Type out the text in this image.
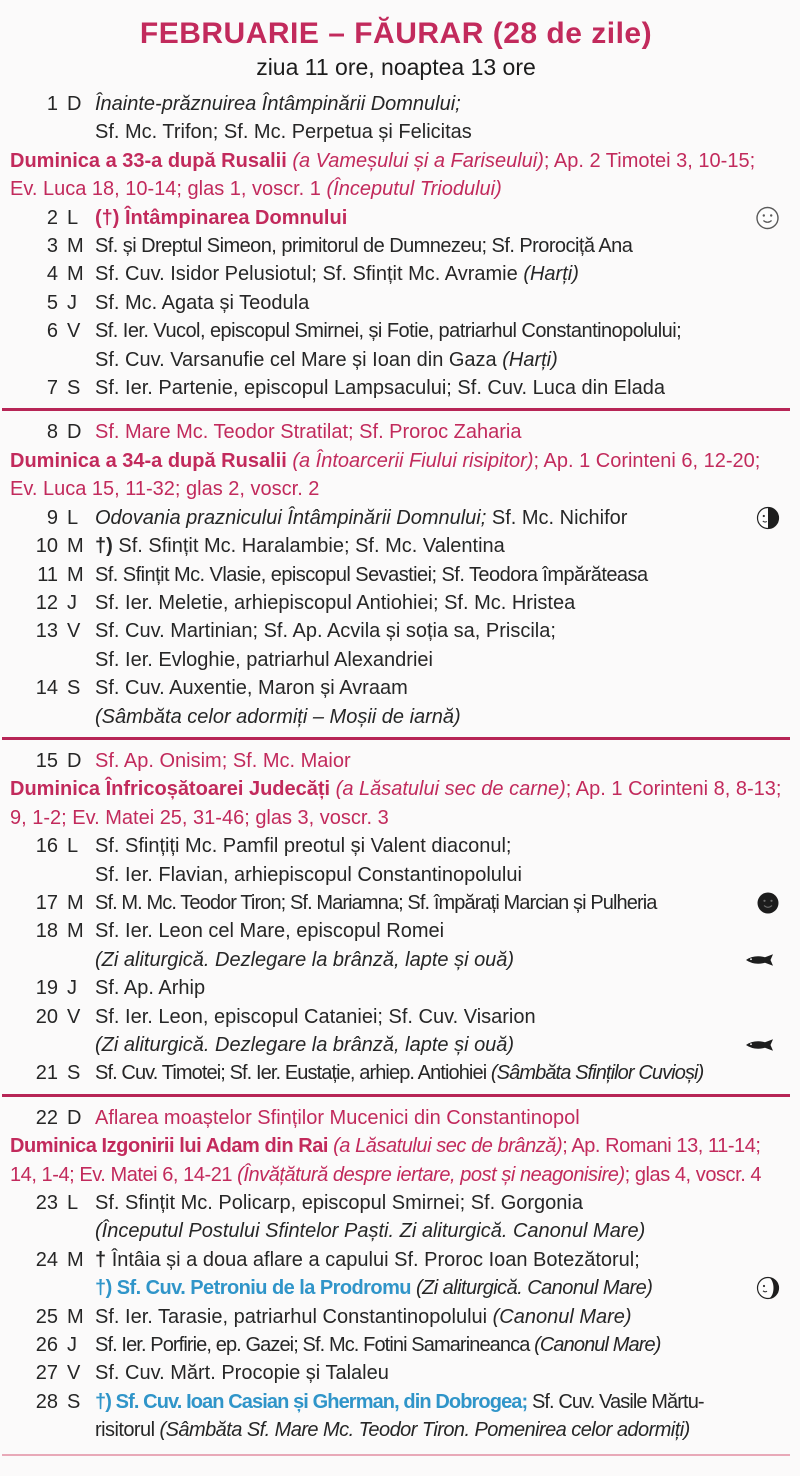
FEBRUARIE – FĂURAR (28 de zile)
ziua 11 ore, noaptea 13 ore
1 D Înainte-prăznuirea Întâmpinării Domnului;
Sf. Mc. Trifon; Sf. Mc. Perpetua și Felicitas
Duminica a 33-a după Rusalii (a Vameșului și a Fariseului); Ap. 2 Timotei 3, 10-15; Ev. Luca 18, 10-14; glas 1, voscr. 1 (Începutul Triodului)
2 L (†) Întâmpinarea Domnului
3 M Sf. și Dreptul Simeon, primitorul de Dumnezeu; Sf. Prorociță Ana
4 M Sf. Cuv. Isidor Pelusiotul; Sf. Sfințit Mc. Avramie (Harți)
5 J Sf. Mc. Agata și Teodula
6 V Sf. Ier. Vucol, episcopul Smirnei, și Fotie, patriarhul Constantinopolului;
Sf. Cuv. Varsanufie cel Mare și Ioan din Gaza (Harți)
7 S Sf. Ier. Partenie, episcopul Lampsacului; Sf. Cuv. Luca din Elada
8 D Sf. Mare Mc. Teodor Stratilat; Sf. Proroc Zaharia
Duminica a 34-a după Rusalii (a Întoarcerii Fiului risipitor); Ap. 1 Corinteni 6, 12-20; Ev. Luca 15, 11-32; glas 2, voscr. 2
9 L Odovania praznicului Întâmpinării Domnului; Sf. Mc. Nichifor
10 M †) Sf. Sfințit Mc. Haralambie; Sf. Mc. Valentina
11 M Sf. Sfințit Mc. Vlasie, episcopul Sevastiei; Sf. Teodora împărăteasa
12 J Sf. Ier. Meletie, arhiepiscopul Antiohiei; Sf. Mc. Hristea
13 V Sf. Cuv. Martinian; Sf. Ap. Acvila și soția sa, Priscila;
Sf. Ier. Evloghie, patriarhul Alexandriei
14 S Sf. Cuv. Auxentie, Maron și Avraam
(Sâmbăta celor adormiți – Moșii de iarnă)
15 D Sf. Ap. Onisim; Sf. Mc. Maior
Duminica Înfricoșătoarei Judecăți (a Lăsatului sec de carne); Ap. 1 Corinteni 8, 8-13; 9, 1-2; Ev. Matei 25, 31-46; glas 3, voscr. 3
16 L Sf. Sfințiți Mc. Pamfil preotul și Valent diaconul;
Sf. Ier. Flavian, arhiepiscopul Constantinopolului
17 M Sf. M. Mc. Teodor Tiron; Sf. Mariamna; Sf. împărați Marcian și Pulheria
18 M Sf. Ier. Leon cel Mare, episcopul Romei
(Zi aliturgică. Dezlegare la brânză, lapte și ouă)
19 J Sf. Ap. Arhip
20 V Sf. Ier. Leon, episcopul Cataniei; Sf. Cuv. Visarion
(Zi aliturgică. Dezlegare la brânză, lapte și ouă)
21 S Sf. Cuv. Timotei; Sf. Ier. Eustație, arhiep. Antiohiei (Sâmbăta Sfinților Cuvioși)
22 D Aflarea moaștelor Sfinților Mucenici din Constantinopol
Duminica Izgonirii lui Adam din Rai (a Lăsatului sec de brânză); Ap. Romani 13, 11-14; 14, 1-4; Ev. Matei 6, 14-21 (Învățătură despre iertare, post și neagonisire); glas 4, voscr. 4
23 L Sf. Sfințit Mc. Policarp, episcopul Smirnei; Sf. Gorgonia
(Începutul Postului Sfintelor Paști. Zi aliturgică. Canonul Mare)
24 M † Întâia și a doua aflare a capului Sf. Proroc Ioan Botezătorul;
†) Sf. Cuv. Petroniu de la Prodromu (Zi aliturgică. Canonul Mare)
25 M Sf. Ier. Tarasie, patriarhul Constantinopolului (Canonul Mare)
26 J Sf. Ier. Porfirie, ep. Gazei; Sf. Mc. Fotini Samarineanca (Canonul Mare)
27 V Sf. Cuv. Mărt. Procopie și Talaleu
28 S †) Sf. Cuv. Ioan Casian și Gherman, din Dobrogea; Sf. Cuv. Vasile Mărtu-
risitorul (Sâmbăta Sf. Mare Mc. Teodor Tiron. Pomenirea celor adormiți)
